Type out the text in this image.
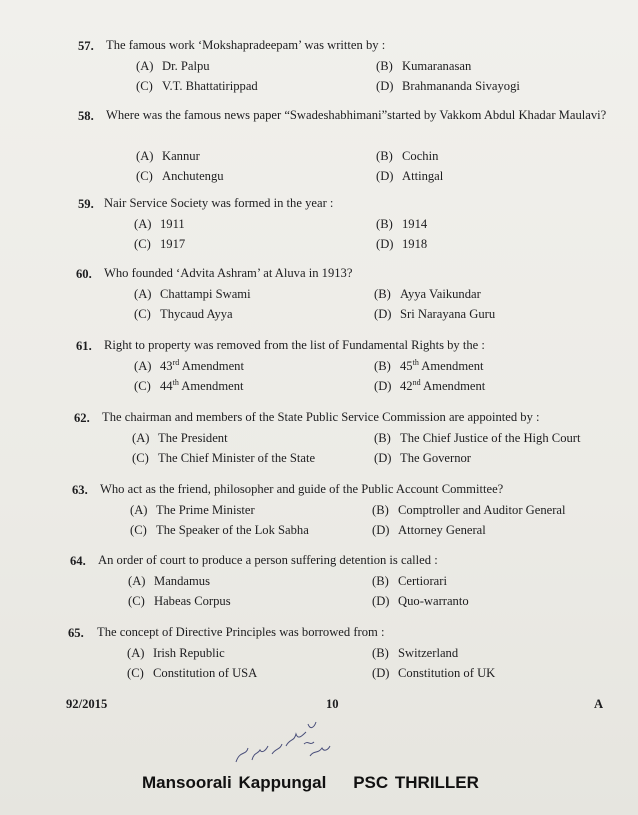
57. The famous work ‘Mokshapradeepam’ was written by :
(A) Dr. Palpu	(B) Kumaranasan
(C) V.T. Bhattatirippad	(D) Brahmananda Sivayogi
58. Where was the famous news paper “Swadeshabhimani”started by Vakkom Abdul Khadar Maulavi?
(A) Kannur	(B) Cochin
(C) Anchutengu	(D) Attingal
59. Nair Service Society was formed in the year :
(A) 1911	(B) 1914
(C) 1917	(D) 1918
60. Who founded ‘Advita Ashram’ at Aluva in 1913?
(A) Chattampi Swami	(B) Ayya Vaikundar
(C) Thycaud Ayya	(D) Sri Narayana Guru
61. Right to property was removed from the list of Fundamental Rights by the :
(A) 43rd Amendment	(B) 45th Amendment
(C) 44th Amendment	(D) 42nd Amendment
62. The chairman and members of the State Public Service Commission are appointed by :
(A) The President	(B) The Chief Justice of the High Court
(C) The Chief Minister of the State	(D) The Governor
63. Who act as the friend, philosopher and guide of the Public Account Committee?
(A) The Prime Minister	(B) Comptroller and Auditor General
(C) The Speaker of the Lok Sabha	(D) Attorney General
64. An order of court to produce a person suffering detention is called :
(A) Mandamus	(B) Certiorari
(C) Habeas Corpus	(D) Quo-warranto
65. The concept of Directive Principles was borrowed from :
(A) Irish Republic	(B) Switzerland
(C) Constitution of USA	(D) Constitution of UK
92/2015	10	A
Mansoorali Kappungal PSC THRILLER
